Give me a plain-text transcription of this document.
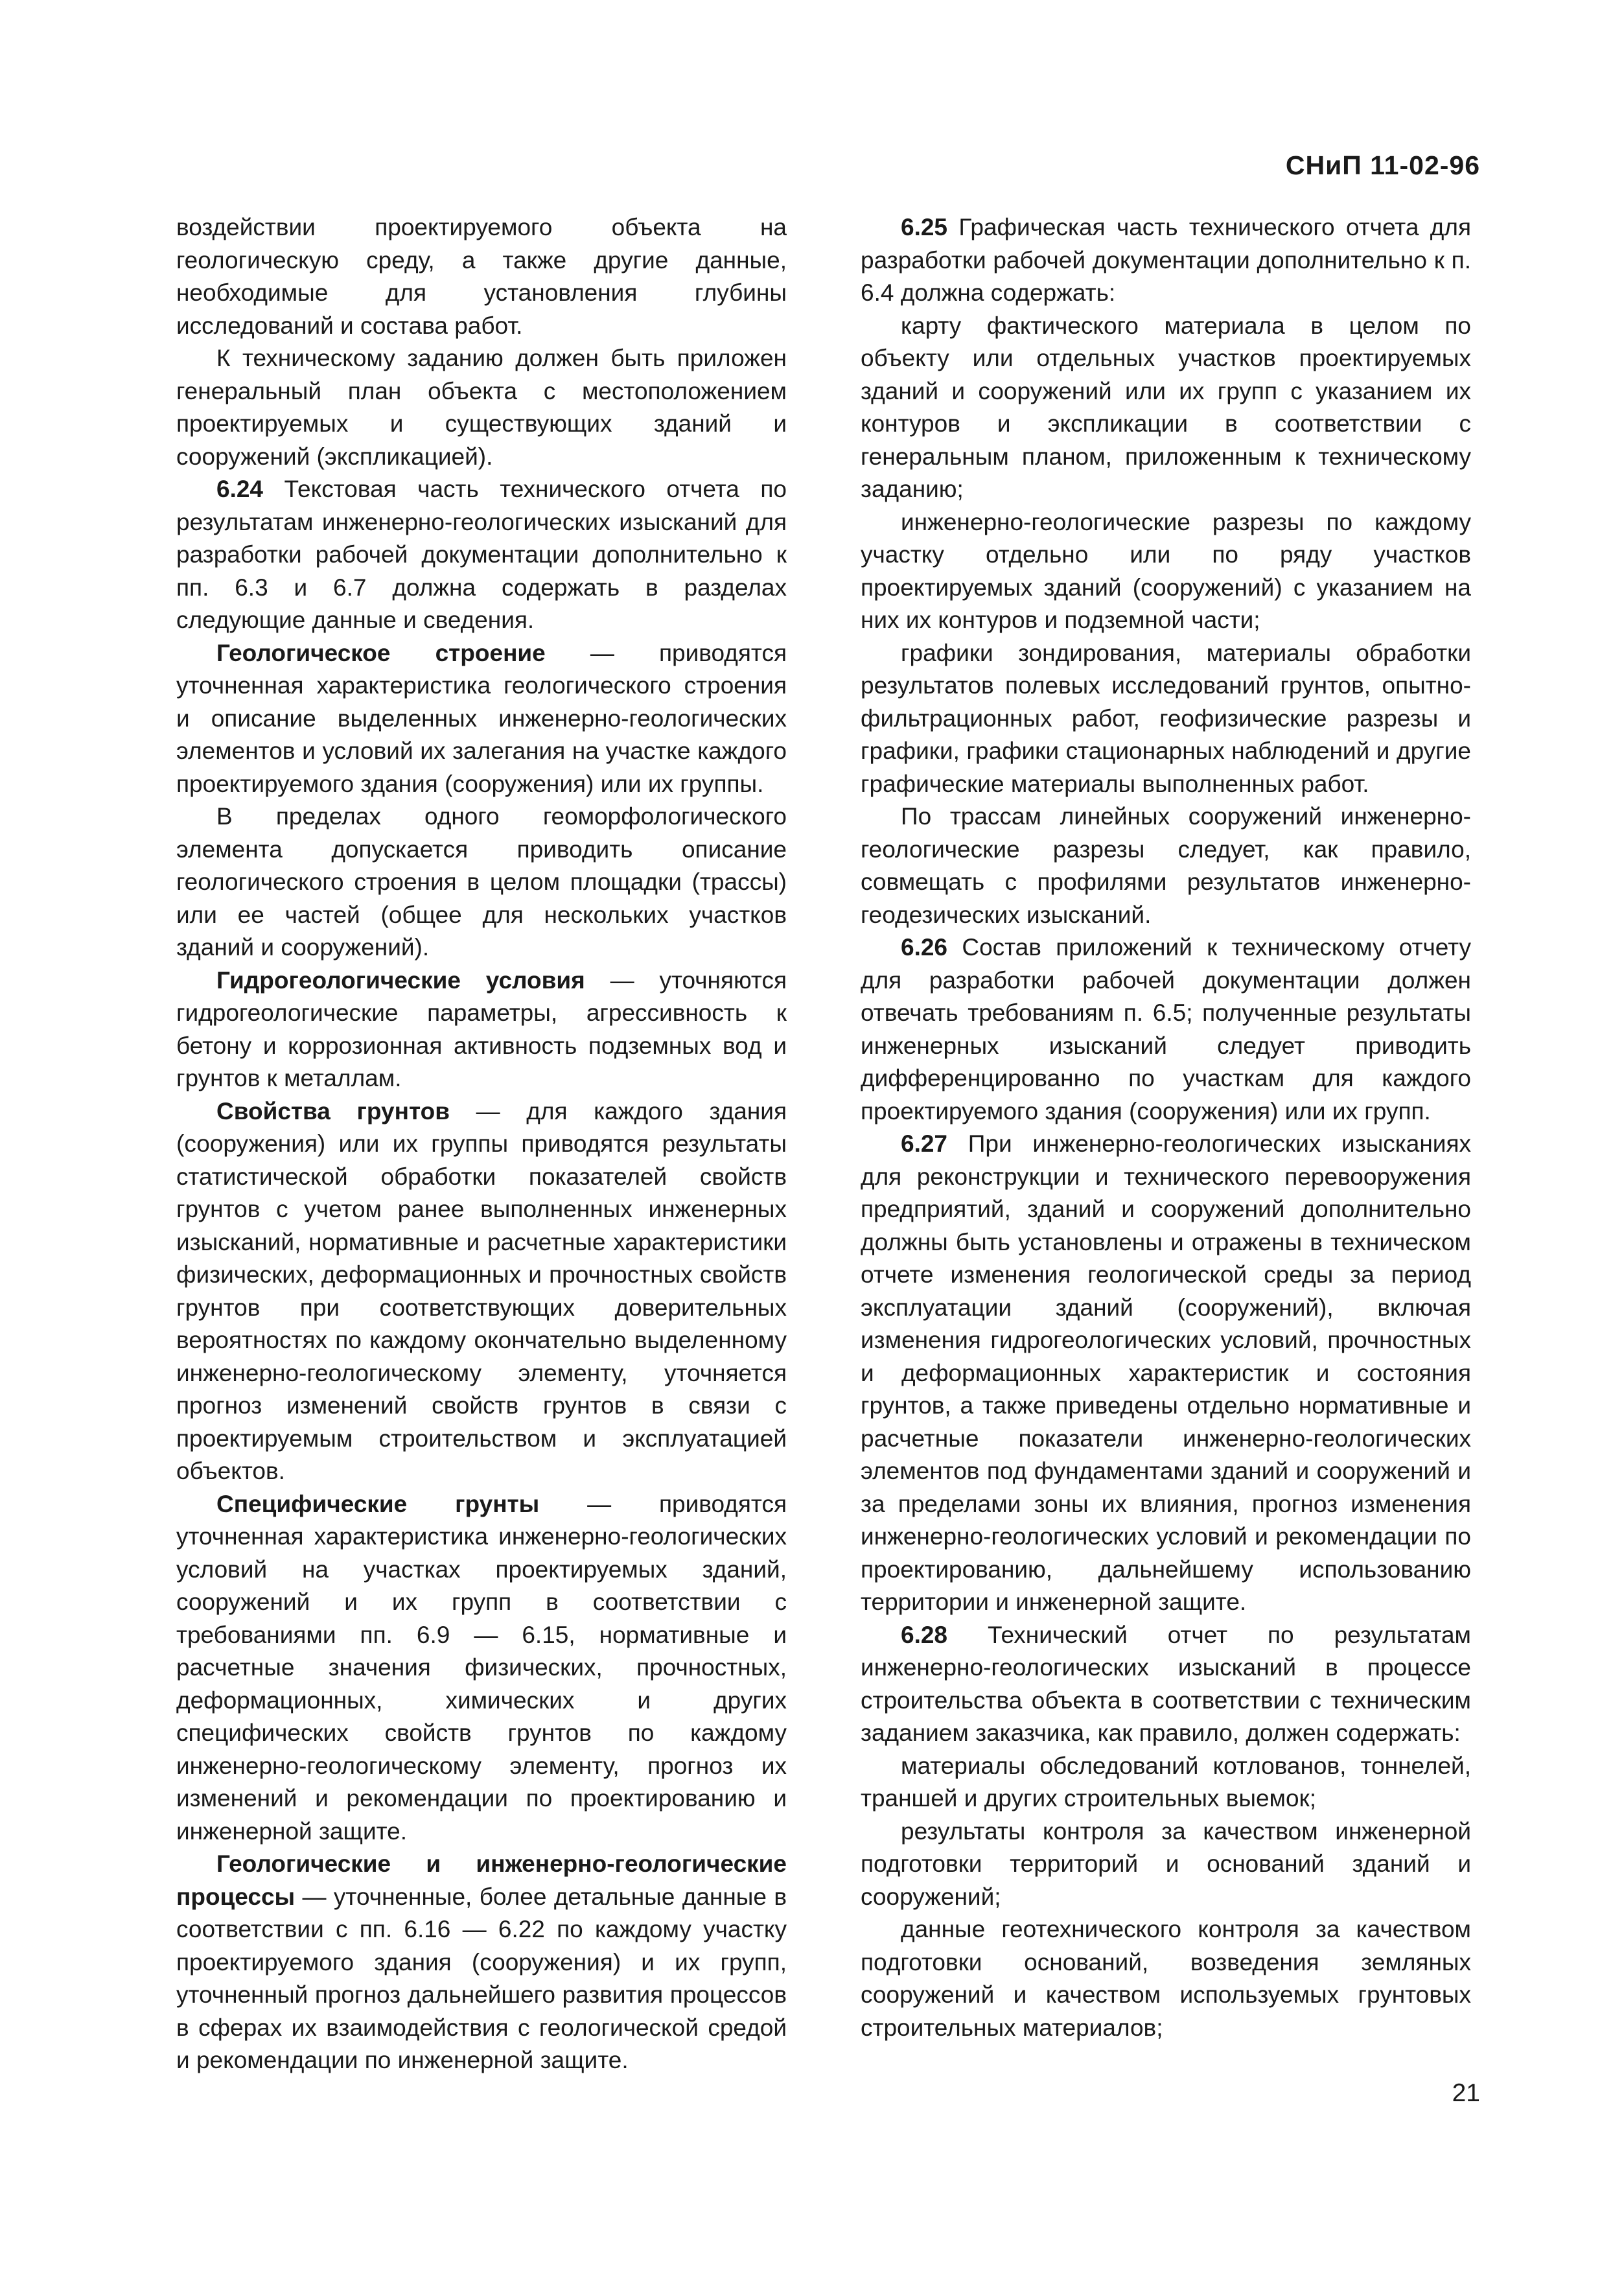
СНиП 11-02-96

воздействии проектируемого объекта на геологическую среду, а также другие данные, необходимые для установления глубины исследований и состава работ.

К техническому заданию должен быть приложен генеральный план объекта с местоположением проектируемых и существующих зданий и сооружений (экспликацией).

6.24 Текстовая часть технического отчета по результатам инженерно-геологических изысканий для разработки рабочей документации дополнительно к пп. 6.3 и 6.7 должна содержать в разделах следующие данные и сведения.

Геологическое строение — приводятся уточненная характеристика геологического строения и описание выделенных инженерно-геологических элементов и условий их залегания на участке каждого проектируемого здания (сооружения) или их группы.

В пределах одного геоморфологического элемента допускается приводить описание геологического строения в целом площадки (трассы) или ее частей (общее для нескольких участков зданий и сооружений).

Гидрогеологические условия — уточняются гидрогеологические параметры, агрессивность к бетону и коррозионная активность подземных вод и грунтов к металлам.

Свойства грунтов — для каждого здания (сооружения) или их группы приводятся результаты статистической обработки показателей свойств грунтов с учетом ранее выполненных инженерных изысканий, нормативные и расчетные характеристики физических, деформационных и прочностных свойств грунтов при соответствующих доверительных вероятностях по каждому окончательно выделенному инженерно-геологическому элементу, уточняется прогноз изменений свойств грунтов в связи с проектируемым строительством и эксплуатацией объектов.

Специфические грунты — приводятся уточненная характеристика инженерно-геологических условий на участках проектируемых зданий, сооружений и их групп в соответствии с требованиями пп. 6.9 — 6.15, нормативные и расчетные значения физических, прочностных, деформационных, химических и других специфических свойств грунтов по каждому инженерно-геологическому элементу, прогноз их изменений и рекомендации по проектированию и инженерной защите.

Геологические и инженерно-геологические процессы — уточненные, более детальные данные в соответствии с пп. 6.16 — 6.22 по каждому участку проектируемого здания (сооружения) и их групп, уточненный прогноз дальнейшего развития процессов в сферах их взаимодействия с геологической средой и рекомендации по инженерной защите.

6.25 Графическая часть технического отчета для разработки рабочей документации дополнительно к п. 6.4 должна содержать:

карту фактического материала в целом по объекту или отдельных участков проектируемых зданий и сооружений или их групп с указанием их контуров и экспликации в соответствии с генеральным планом, приложенным к техническому заданию;

инженерно-геологические разрезы по каждому участку отдельно или по ряду участков проектируемых зданий (сооружений) с указанием на них их контуров и подземной части;

графики зондирования, материалы обработки результатов полевых исследований грунтов, опытно-фильтрационных работ, геофизические разрезы и графики, графики стационарных наблюдений и другие графические материалы выполненных работ.

По трассам линейных сооружений инженерно-геологические разрезы следует, как правило, совмещать с профилями результатов инженерно-геодезических изысканий.

6.26 Состав приложений к техническому отчету для разработки рабочей документации должен отвечать требованиям п. 6.5; полученные результаты инженерных изысканий следует приводить дифференцированно по участкам для каждого проектируемого здания (сооружения) или их групп.

6.27 При инженерно-геологических изысканиях для реконструкции и технического перевооружения предприятий, зданий и сооружений дополнительно должны быть установлены и отражены в техническом отчете изменения геологической среды за период эксплуатации зданий (сооружений), включая изменения гидрогеологических условий, прочностных и деформационных характеристик и состояния грунтов, а также приведены отдельно нормативные и расчетные показатели инженерно-геологических элементов под фундаментами зданий и сооружений и за пределами зоны их влияния, прогноз изменения инженерно-геологических условий и рекомендации по проектированию, дальнейшему использованию территории и инженерной защите.

6.28 Технический отчет по результатам инженерно-геологических изысканий в процессе строительства объекта в соответствии с техническим заданием заказчика, как правило, должен содержать:

материалы обследований котлованов, тоннелей, траншей и других строительных выемок;

результаты контроля за качеством инженерной подготовки территорий и оснований зданий и сооружений;

данные геотехнического контроля за качеством подготовки оснований, возведения земляных сооружений и качеством используемых грунтовых строительных материалов;

21
